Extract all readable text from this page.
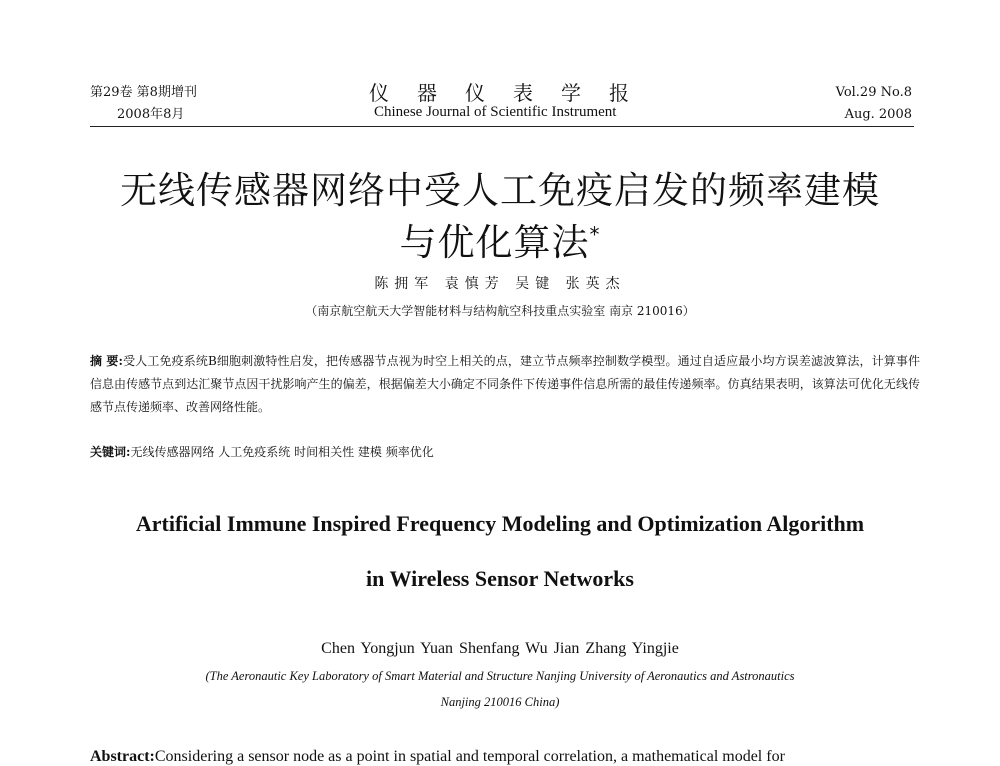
第29卷 第8期增刊
2008年8月
仪器仪表学报
Chinese Journal of Scientific Instrument
Vol.29 No.8
Aug. 2008
无线传感器网络中受人工免疫启发的频率建模
与优化算法*
陈拥军 袁慎芳 吴键 张英杰
（南京航空航天大学智能材料与结构航空科技重点实验室 南京 210016）
摘 要:受人工免疫系统B细胞刺激特性启发，把传感器节点视为时空上相关的点，建立节点频率控制数学模型。通过自适应最小均方误差滤波算法，计算事件信息由传感节点到达汇聚节点因干扰影响产生的偏差，根据偏差大小确定不同条件下传递事件信息所需的最佳传递频率。仿真结果表明，该算法可优化无线传感节点传递频率、改善网络性能。
关键词:无线传感器网络 人工免疫系统 时间相关性 建模 频率优化
Artificial Immune Inspired Frequency Modeling and Optimization Algorithm
in Wireless Sensor Networks
Chen Yongjun Yuan Shenfang Wu Jian Zhang Yingjie
(The Aeronautic Key Laboratory of Smart Material and Structure Nanjing University of Aeronautics and Astronautics
Nanjing 210016 China)
Abstract:Considering a sensor node as a point in spatial and temporal correlation, a mathematical model for
